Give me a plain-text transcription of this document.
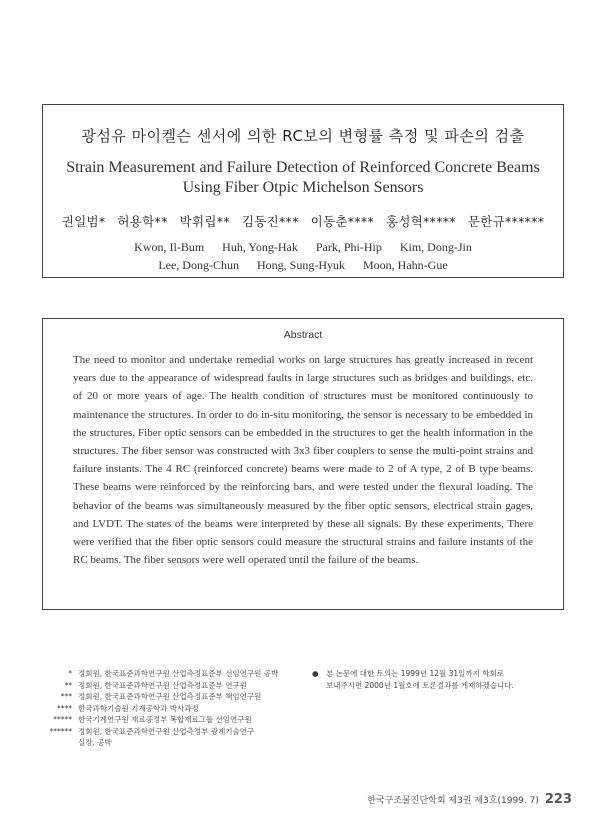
광섬유 마이켈슨 센서에 의한 RC보의 변형률 측정 및 파손의 검출
Strain Measurement and Failure Detection of Reinforced Concrete Beams
Using Fiber Otpic Michelson Sensors
권일범* 허용학** 박휘립** 김동진*** 이동춘**** 홍성혁***** 문한규******
Kwon, Il-Bum Huh, Yong-Hak Park, Phi-Hip Kim, Dong-Jin
Lee, Dong-Chun Hong, Sung-Hyuk Moon, Hahn-Gue
Abstract
The need to monitor and undertake remedial works on large structures has greatly increased in recent years due to the appearance of widespread faults in large structures such as bridges and buildings, etc. of 20 or more years of age. The health condition of structures must be monitored continuously to maintenance the structures. In order to do in-situ monitoring, the sensor is necessary to be embedded in the structures. Fiber optic sensors can be embedded in the structures to get the health information in the structures. The fiber sensor was constructed with 3x3 fiber couplers to sense the multi-point strains and failure instants. The 4 RC (reinforced concrete) beams were made to 2 of A type, 2 of B type beams. These beams were reinforced by the reinforcing bars, and were tested under the flexural loading. The behavior of the beams was simultaneously measured by the fiber optic sensors, electrical strain gages, and LVDT. The states of the beams were interpreted by these all signals. By these experiments, There were verified that the fiber optic sensors could measure the structural strains and failure instants of the RC beams. The fiber sensors were well operated until the failure of the beams.
* 정회원, 한국표준과학연구원 산업측정표준부 선임연구원 공박
** 정회원, 한국표준과학연구원 산업측정표준부 연구원
*** 정회원, 한국표준과학연구원 산업측정표준부 책임연구원
**** 한국과학기술원 기계공학과 박사과정
***** 한국기계연구원 재료공정부 복합재료그룹 선임연구원
****** 정회원, 한국표준과학연구원 산업측정부 광계기술연구
실장, 공박
● 본 논문에 대한 토의는 1999년 12월 31일까지 학회로
보내주시면 2000년 1월호에 토론결과를 게재하겠습니다.
한국구조물진단학회 제3권 제3호(1999. 7) 223
